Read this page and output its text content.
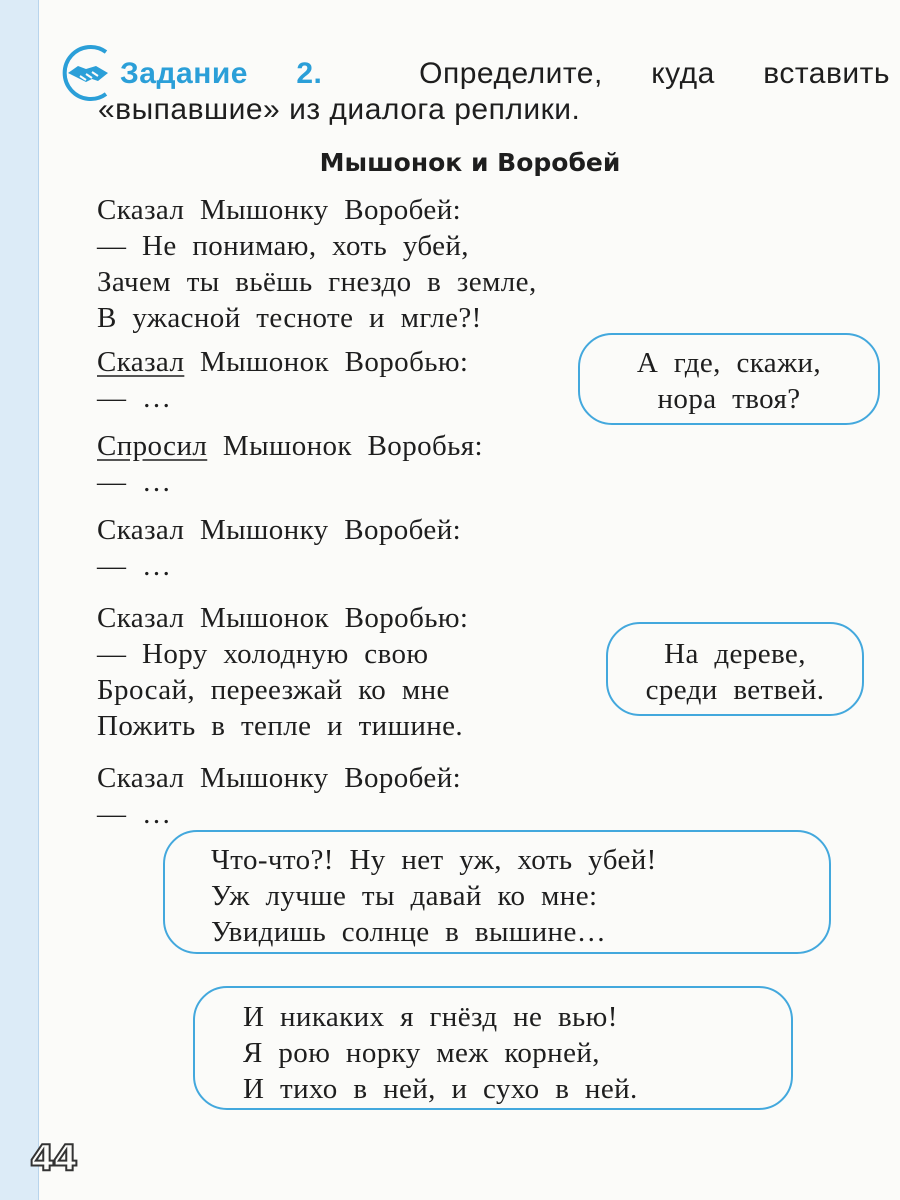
Задание 2.	Определите, куда вставить
«выпавшие» из диалога реплики.
Мышонок и Воробей
Сказал Мышонку Воробей:
— Не понимаю, хоть убей,
Зачем ты вьёшь гнездо в земле,
В ужасной тесноте и мгле?!
Сказал Мышонок Воробью:
— …
Спросил Мышонок Воробья:
— …
Сказал Мышонку Воробей:
— …
Сказал Мышонок Воробью:
— Нору холодную свою
Бросай, переезжай ко мне
Пожить в тепле и тишине.
Сказал Мышонку Воробей:
— …
А где, скажи,
нора твоя?
На дереве,
среди ветвей.
Что-что?! Ну нет уж, хоть убей!
Уж лучше ты давай ко мне:
Увидишь солнце в вышине…
И никаких я гнёзд не вью!
Я рою норку меж корней,
И тихо в ней, и сухо в ней.
44
